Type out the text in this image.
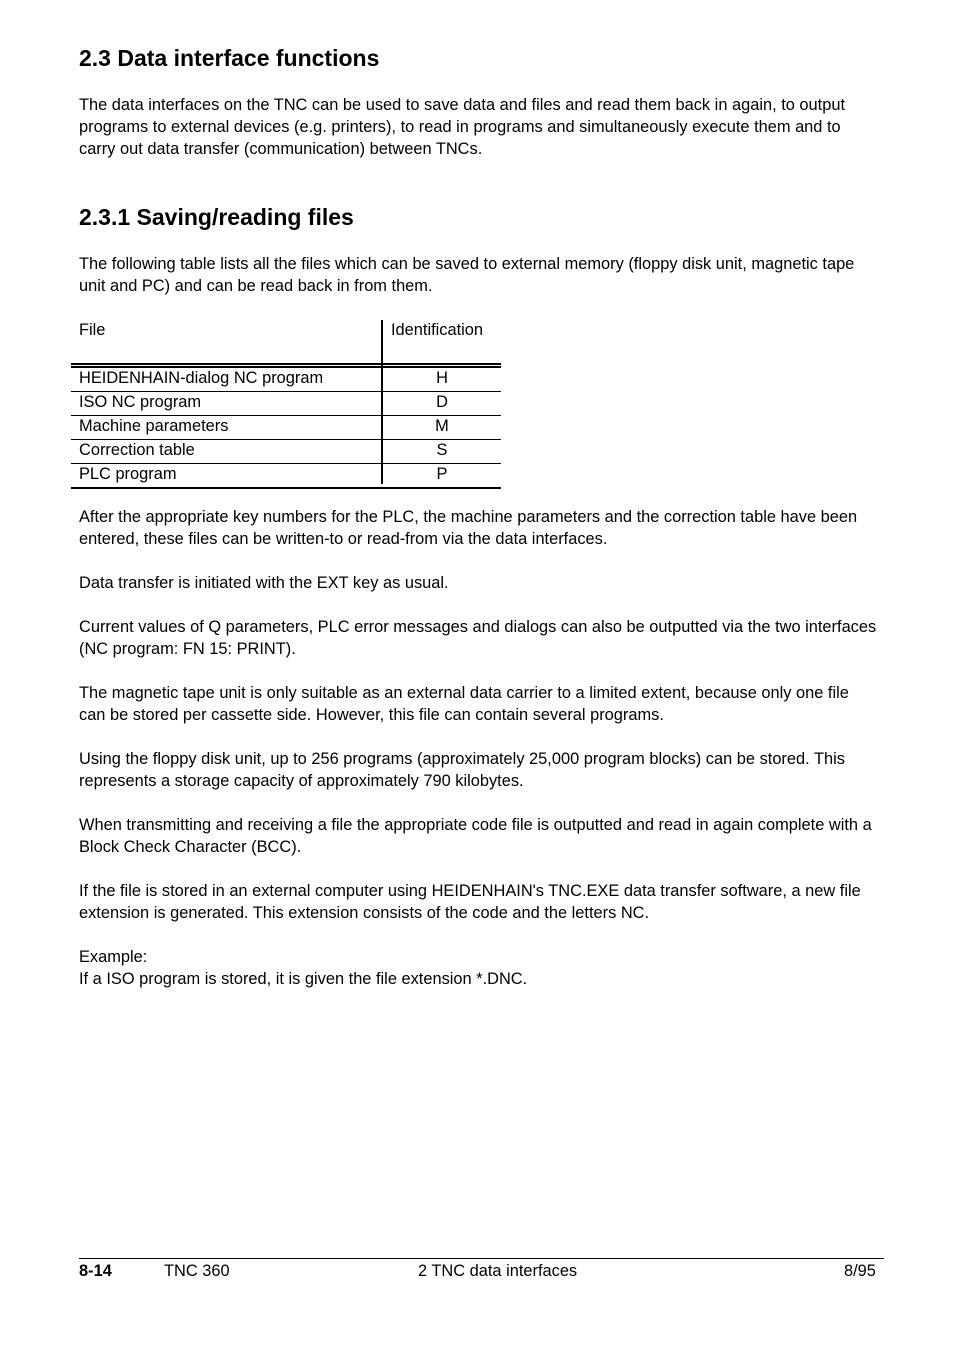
2.3 Data interface functions

The data interfaces on the TNC can be used to save data and files and read them back in again, to output programs to external devices (e.g. printers), to read in programs and simultaneously execute them and to carry out data transfer (communication) between TNCs.

2.3.1 Saving/reading files

The following table lists all the files which can be saved to external memory (floppy disk unit, magnetic tape unit and PC) and can be read back in from them.

File	Identification
HEIDENHAIN-dialog NC program	H
ISO NC program	D
Machine parameters	M
Correction table	S
PLC program	P

After the appropriate key numbers for the PLC, the machine parameters and the correction table have been entered, these files can be written-to or read-from via the data interfaces.

Data transfer is initiated with the EXT key as usual.

Current values of Q parameters, PLC error messages and dialogs can also be outputted via the two interfaces (NC program: FN 15: PRINT).

The magnetic tape unit is only suitable as an external data carrier to a limited extent, because only one file can be stored per cassette side. However, this file can contain several programs.

Using the floppy disk unit, up to 256 programs (approximately 25,000 program blocks) can be stored. This represents a storage capacity of approximately 790 kilobytes.

When transmitting and receiving a file the appropriate code file is outputted and read in again complete with a Block Check Character (BCC).

If the file is stored in an external computer using HEIDENHAIN's TNC.EXE data transfer software, a new file extension is generated. This extension consists of the code and the letters NC.

Example:

If a ISO program is stored, it is given the file extension *.DNC.

8-14	TNC 360	2 TNC data interfaces	8/95
